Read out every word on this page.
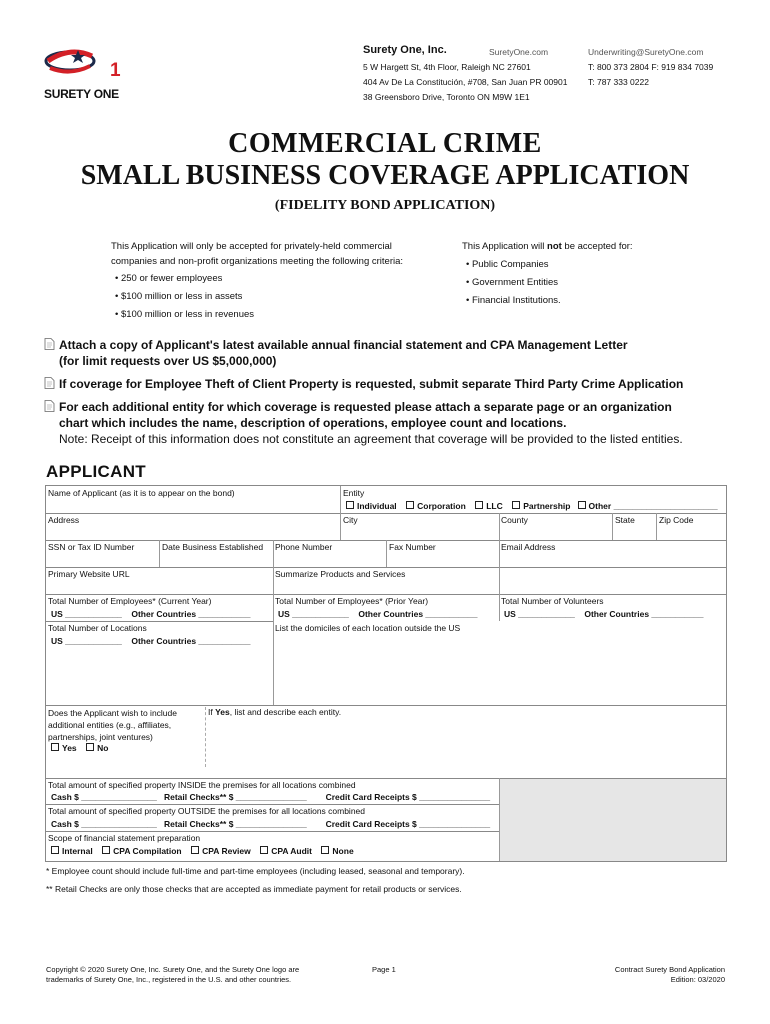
1
SURETY ONE
Surety One, Inc.	SuretyOne.com	Underwriting@SuretyOne.com
5 W Hargett St, 4th Floor, Raleigh NC 27601	T: 800 373 2804 F: 919 834 7039
404 Av De La Constitución, #708, San Juan PR 00901 T: 787 333 0222
38 Greensboro Drive, Toronto ON M9W 1E1
COMMERCIAL CRIME
SMALL BUSINESS COVERAGE APPLICATION
(FIDELITY BOND APPLICATION)
This Application will only be accepted for privately-held commercial
companies and non-profit organizations meeting the following criteria:
• 250 or fewer employees
• $100 million or less in assets
• $100 million or less in revenues
This Application will not be accepted for:
• Public Companies
• Government Entities
• Financial Institutions.
Attach a copy of Applicant's latest available annual financial statement and CPA Management Letter
(for limit requests over US $5,000,000)
If coverage for Employee Theft of Client Property is requested, submit separate Third Party Crime Application
For each additional entity for which coverage is requested please attach a separate page or an organization
chart which includes the name, description of operations, employee count and locations.
Note: Receipt of this information does not constitute an agreement that coverage will be provided to the listed entities.
APPLICANT
Name of Applicant (as it is to appear on the bond)	Entity
Individual Corporation LLC Partnership Other ______________________
Address	City	County	State	Zip Code
SSN or Tax ID Number	Date Business Established Phone Number	Fax Number	Email Address
Primary Website URL	Summarize Products and Services
Total Number of Employees* (Current Year)
US ____________ Other Countries ___________
Total Number of Employees* (Prior Year)
US ____________ Other Countries ___________
Total Number of Volunteers
US ____________ Other Countries ___________
Total Number of Locations
US ____________ Other Countries ___________
List the domiciles of each location outside the US
Does the Applicant wish to include
additional entities (e.g., affiliates,
partnerships, joint ventures)
Yes No
If Yes, list and describe each entity.
Total amount of specified property INSIDE the premises for all locations combined
Cash $ ________________ Retail Checks** $ _______________ Credit Card Receipts $ _______________
Total amount of specified property OUTSIDE the premises for all locations combined
Cash $ ________________ Retail Checks** $ _______________ Credit Card Receipts $ _______________
Scope of financial statement preparation
Internal CPA Compilation CPA Review CPA Audit None
* Employee count should include full-time and part-time employees (including leased, seasonal and temporary).
** Retail Checks are only those checks that are accepted as immediate payment for retail products or services.
Copyright © 2020 Surety One, Inc. Surety One, and the Surety One logo are
trademarks of Surety One, Inc., registered in the U.S. and other countries.
Page 1	Contract Surety Bond Application
Edition: 03/2020
